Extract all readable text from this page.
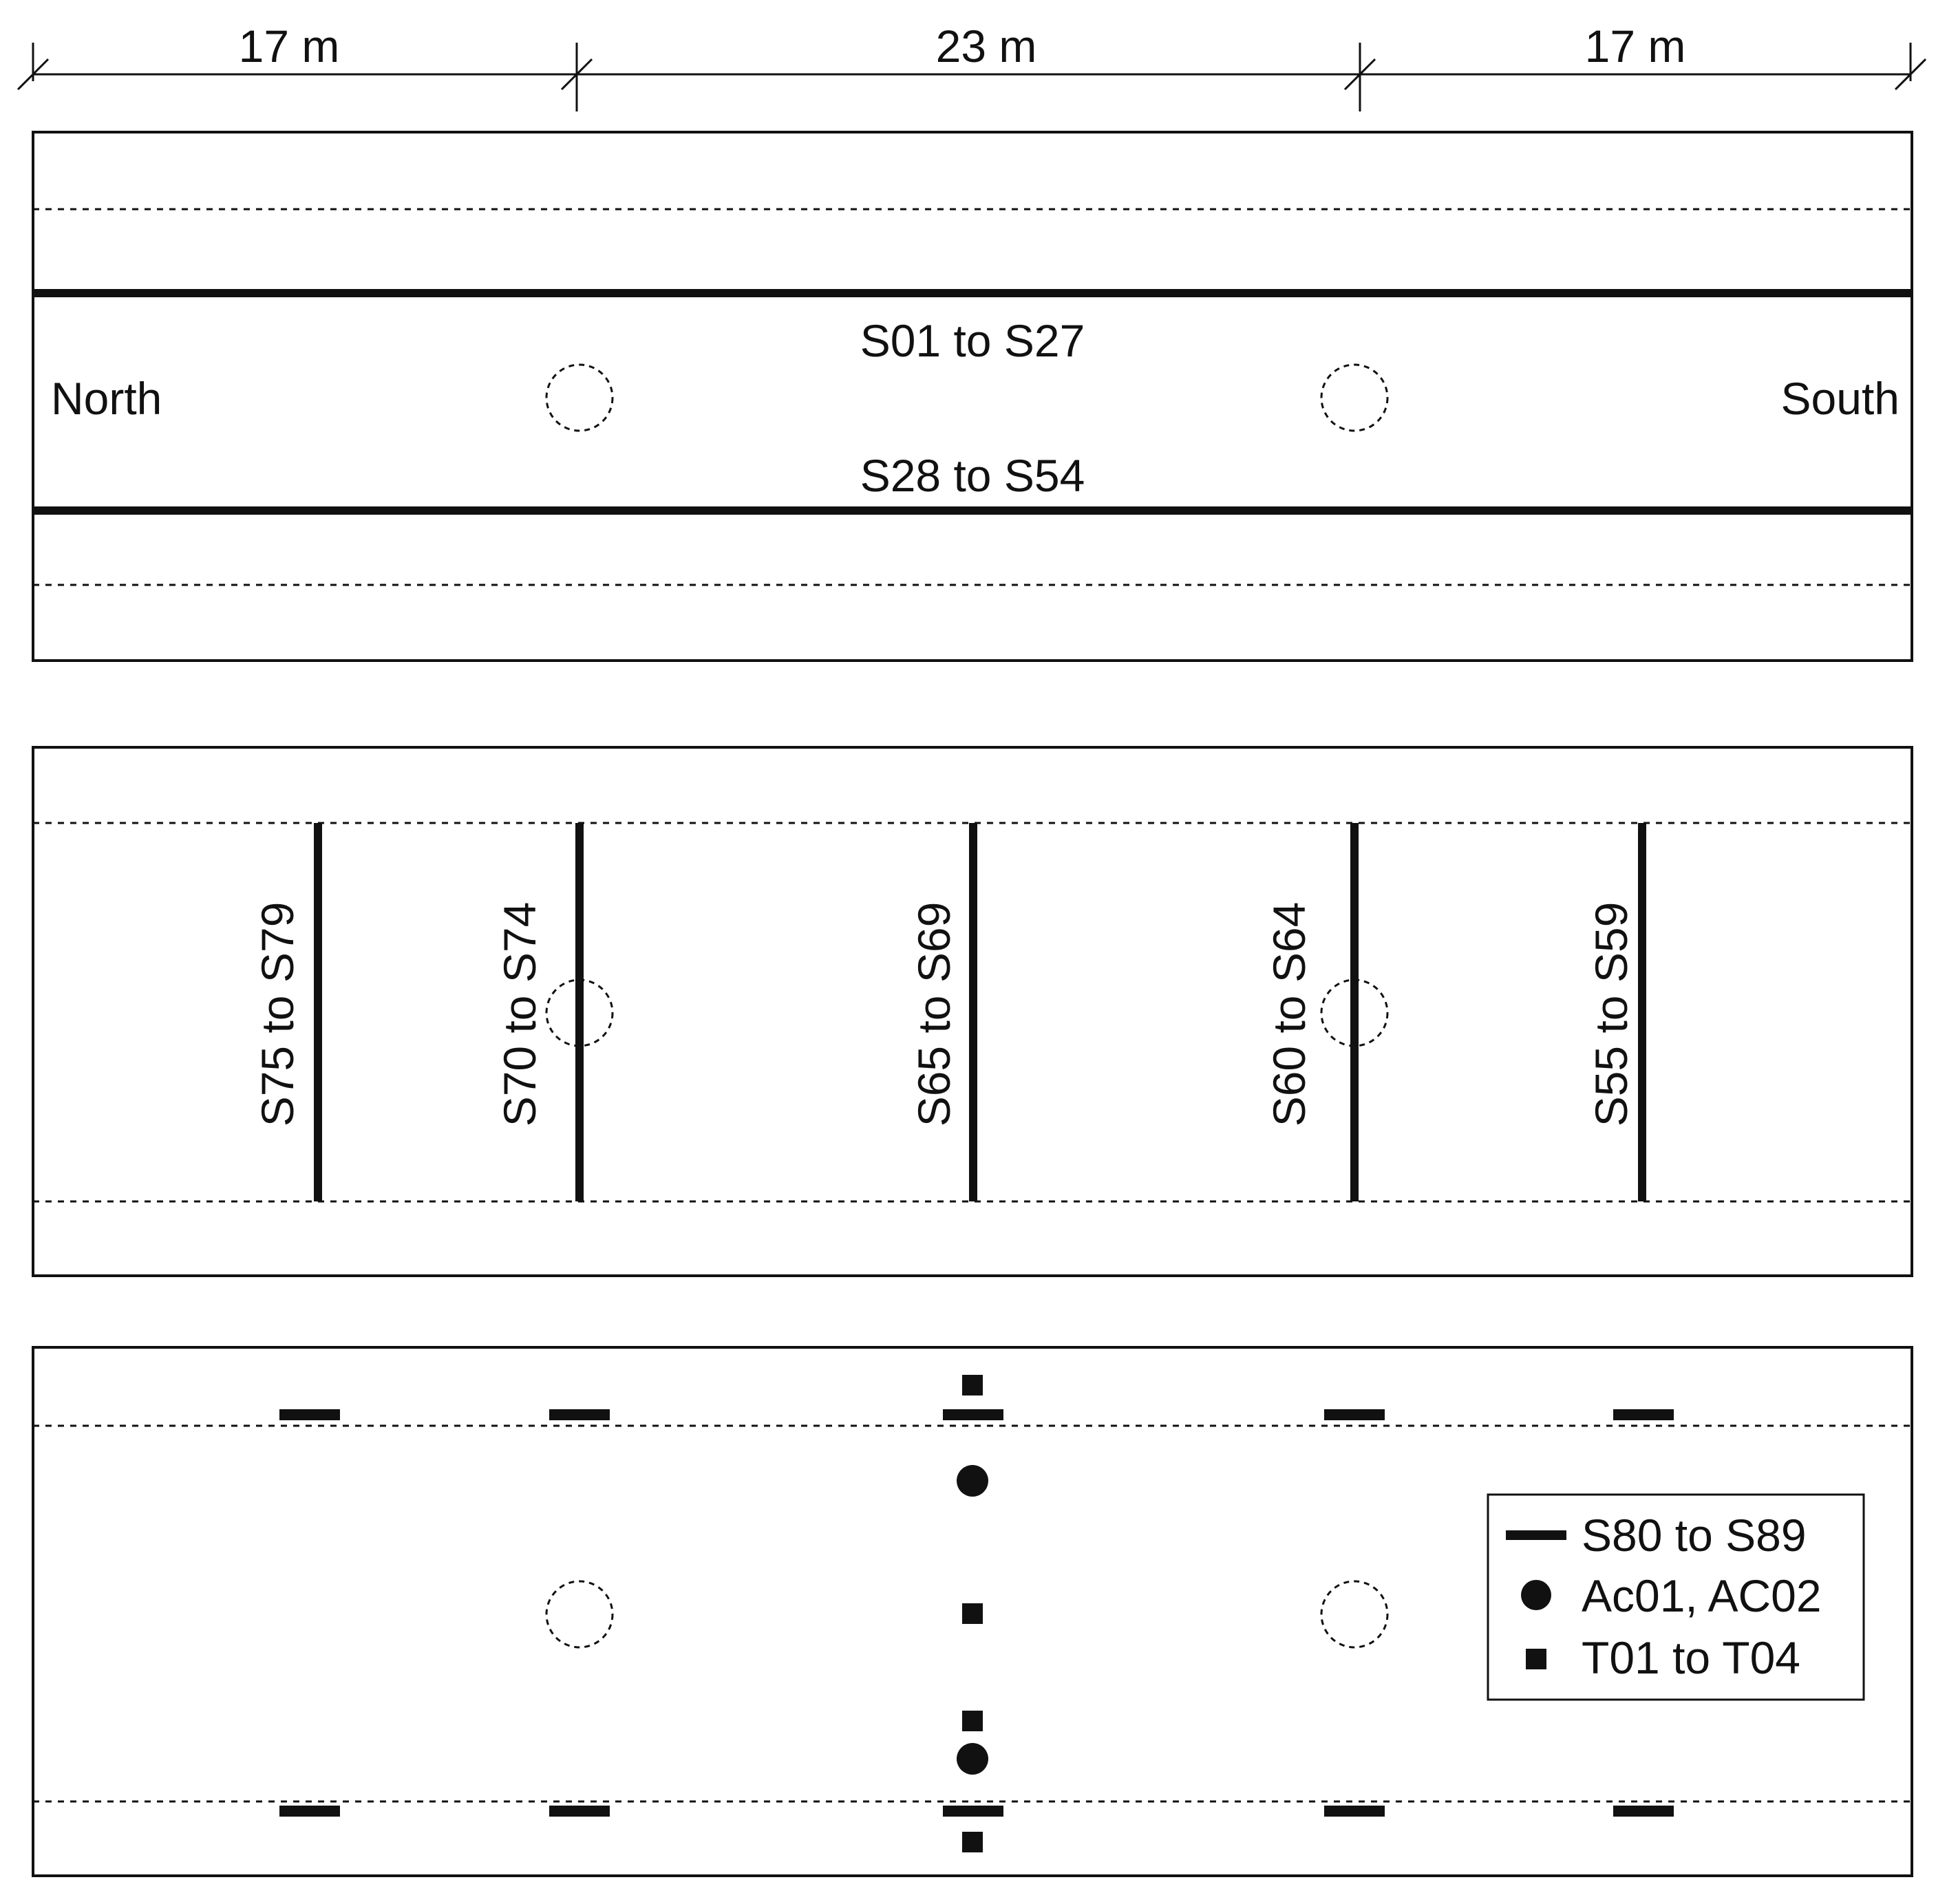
17 m	23 m	17 m
S01 to S27
S28 to S54
North	South
S75 to S79	S70 to S74	S65 to S69	S60 to S64	S55 to S59
S80 to S89
Ac01, AC02
T01 to T04
